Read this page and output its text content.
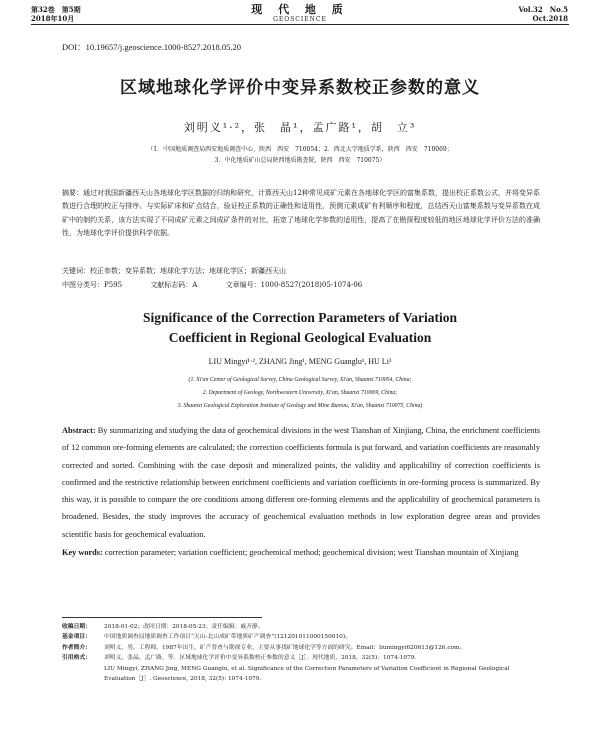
第32卷　第5期
2018年10月
现 代 地 质
GEOSCIENCE
Vol.32　No.5
Oct.2018
DOI：10.19657/j.geoscience.1000-8527.2018.05.20
区域地球化学评价中变异系数校正参数的意义
刘明义¹·²，张　晶¹，孟广路¹，胡　立³
（1．中国地质调查局西安地质调查中心，陕西　西安　710054；2．西北大学地质学系，陕西　西安　710069；
3．中化地质矿山总局陕西地质勘查院，陕西　西安　710075）
摘要：通过对我国新疆西天山各地球化学区数据的归纳和研究，计算西天山12种常见成矿元素在各地球化学区的富集系数，提出校正系数公式，并将变异系数进行合理的校正与排序。与实际矿床和矿点结合，验证校正系数的正确性和适用性，预测元素成矿有利顺序和程度，总结西天山富集系数与变异系数在成矿中的制约关系，该方法实现了不同成矿元素之间成矿条件的对比，拓宽了地球化学参数的适用性，提高了在勘探程度较低的地区地球化学评价方法的准确性，为地球化学评价提供科学依据。
关键词：校正参数；变异系数；地球化学方法；地球化学区；新疆西天山
中图分类号：P595	文献标志码：A	文章编号：1000-8527(2018)05-1074-06
Significance of the Correction Parameters of Variation
Coefficient in Regional Geological Evaluation
LIU Mingyi¹·², ZHANG Jing¹, MENG Guanglu¹, HU Li³
(1. Xi'an Center of Geological Survey, China Geological Survey, Xi'an, Shaanxi 710054, China;
2. Department of Geology, Northwestern University, Xi'an, Shaanxi 710069, China;
3. Shaanxi Geological Exploration Institute of Geology and Mine Bureau, Xi'an, Shaanxi 710075, China)
Abstract: By summarizing and studying the data of geochemical divisions in the west Tianshan of Xinjiang, China, the enrichment coefficients of 12 common ore-forming elements are calculated; the correction coefficients formula is put forward, and variation coefficients are reasonably corrected and sorted. Combining with the case deposit and mineralized points, the validity and applicability of correction coefficients is confirmed and the restrictive relationship between enrichment coefficients and variation coefficients in ore-forming process is summarized. By this way, it is possible to compare the ore conditions among different ore-forming elements and the applicability of geochemical parameters is broadened. Besides, the study improves the accuracy of geochemical evaluation methods in low exploration degree areas and provides scientific basis for geochemical evaluation.
Key words: correction parameter; variation coefficient; geochemical method; geochemical division; west Tianshan mountain of Xinjiang
收稿日期：	2018-01-02；改回日期：2018-05-23；责任编辑：戚开静。
基金项目：	中国地质调查局地质调查工作项目“天山-北山成矿带地质矿产调查”(121201011000150010)。
作者简介：	刘明义，男，工程师，1987年出生，矿产普查与勘探专业，主要从事找矿地球化学等方面的研究。Email：liumingyi620613@126.com。
引用格式：	刘明义，张晶，孟广路，等．区域地球化学评价中变异系数校正参数的意义［J］．现代地质，2018，32(5)：1074-1079．
LIU Mingyi, ZHANG Jing, MENG Guanglu, et al. Significance of the Correction Parameters of Variation Coefficient in Regional Geological Evaluation［J］. Geoscience, 2018, 32(5): 1074-1079.
